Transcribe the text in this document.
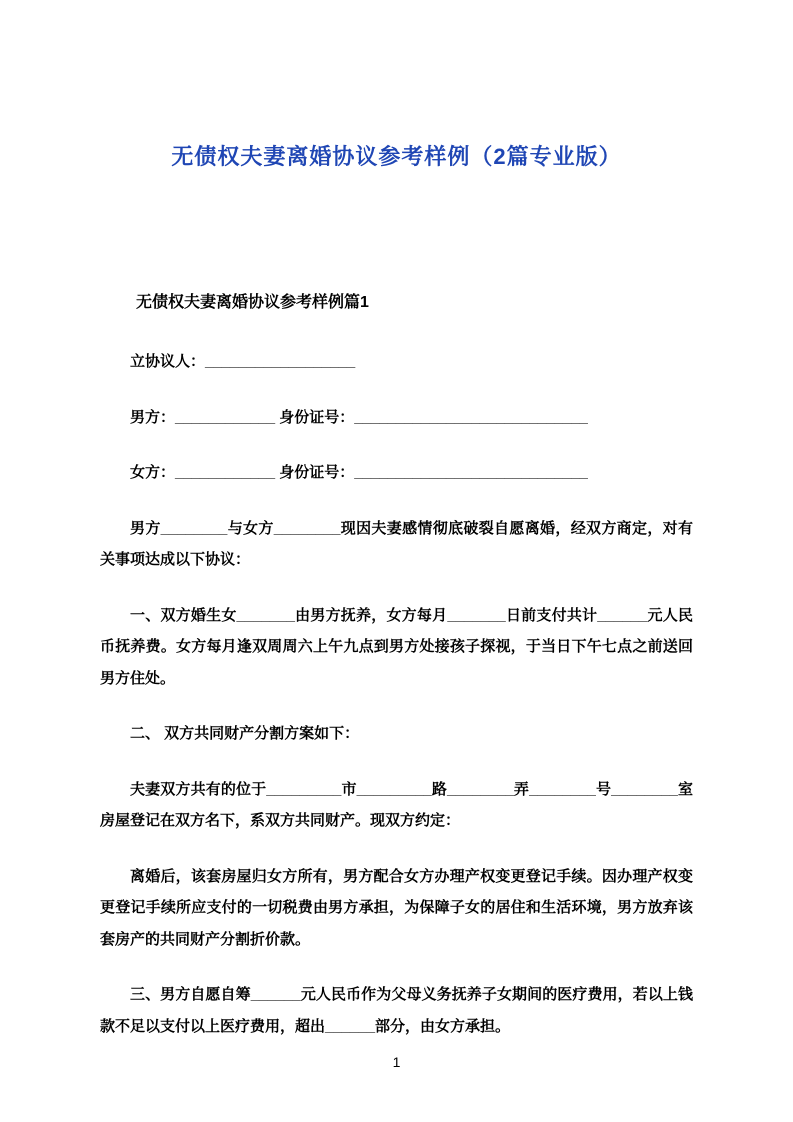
无债权夫妻离婚协议参考样例（2篇专业版）
无债权夫妻离婚协议参考样例篇1

立协议人：__________________

男方：____________ 身份证号：____________________________

女方：____________ 身份证号：____________________________

男方________与女方________现因夫妻感情彻底破裂自愿离婚，经双方商定，对有关事项达成以下协议：

一、双方婚生女_______由男方抚养，女方每月_______日前支付共计______元人民币抚养费。女方每月逢双周周六上午九点到男方处接孩子探视，于当日下午七点之前送回男方住处。

二、 双方共同财产分割方案如下：

夫妻双方共有的位于_________市_________路________弄________号________室房屋登记在双方名下，系双方共同财产。现双方约定：

离婚后，该套房屋归女方所有，男方配合女方办理产权变更登记手续。因办理产权变更登记手续所应支付的一切税费由男方承担，为保障子女的居住和生活环境，男方放弃该套房产的共同财产分割折价款。

三、男方自愿自筹______元人民币作为父母义务抚养子女期间的医疗费用，若以上钱款不足以支付以上医疗费用，超出______部分，由女方承担。

1
